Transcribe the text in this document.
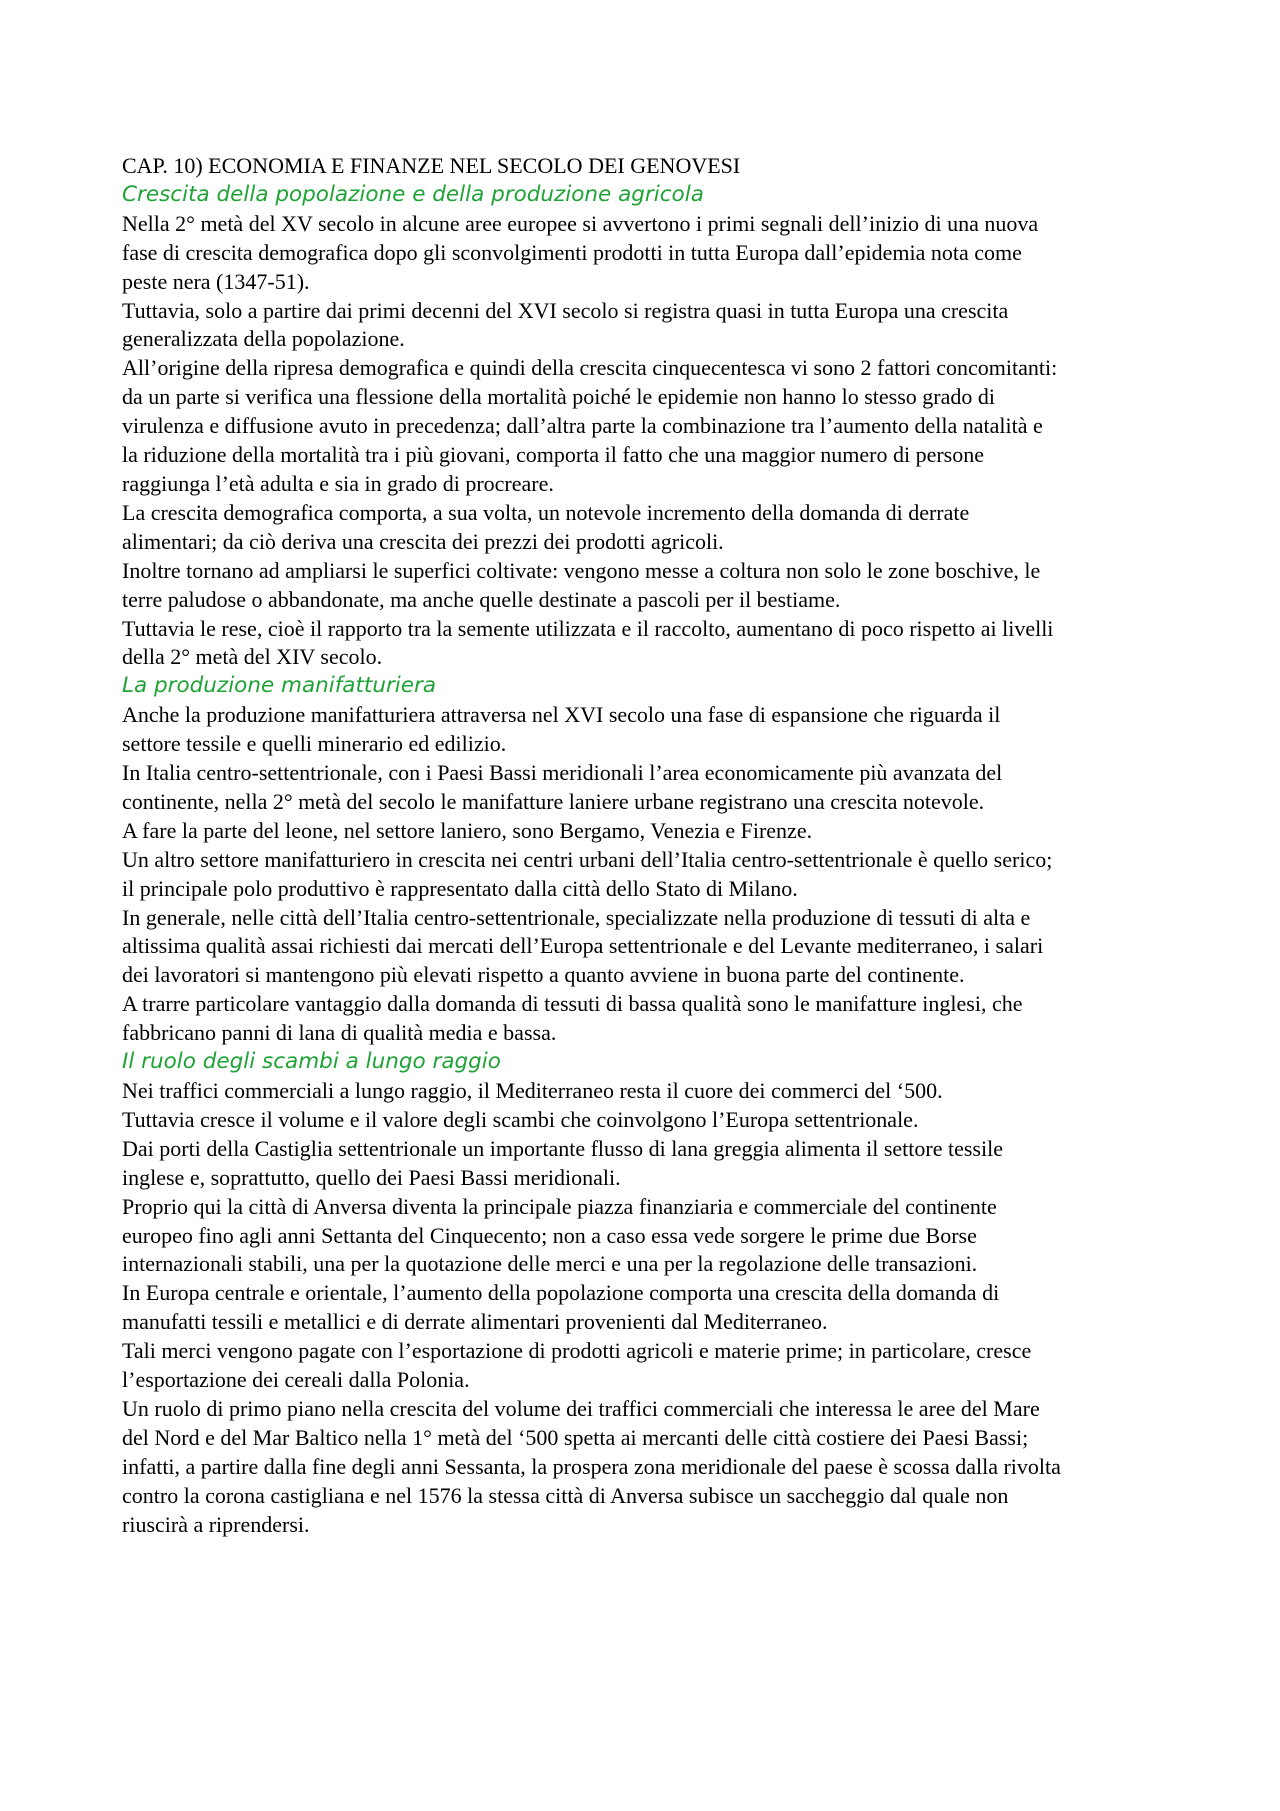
CAP. 10) ECONOMIA E FINANZE NEL SECOLO DEI GENOVESI

Crescita della popolazione e della produzione agricola

Nella 2° metà del XV secolo in alcune aree europee si avvertono i primi segnali dell’inizio di una nuova fase di crescita demografica dopo gli sconvolgimenti prodotti in tutta Europa dall’epidemia nota come peste nera (1347-51).

Tuttavia, solo a partire dai primi decenni del XVI secolo si registra quasi in tutta Europa una crescita generalizzata della popolazione.

All’origine della ripresa demografica e quindi della crescita cinquecentesca vi sono 2 fattori concomitanti: da un parte si verifica una flessione della mortalità poiché le epidemie non hanno lo stesso grado di virulenza e diffusione avuto in precedenza; dall’altra parte la combinazione tra l’aumento della natalità e la riduzione della mortalità tra i più giovani, comporta il fatto che una maggior numero di persone raggiunga l’età adulta e sia in grado di procreare.

La crescita demografica comporta, a sua volta, un notevole incremento della domanda di derrate alimentari; da ciò deriva una crescita dei prezzi dei prodotti agricoli.

Inoltre tornano ad ampliarsi le superfici coltivate: vengono messe a coltura non solo le zone boschive, le terre paludose o abbandonate, ma anche quelle destinate a pascoli per il bestiame.

Tuttavia le rese, cioè il rapporto tra la semente utilizzata e il raccolto, aumentano di poco rispetto ai livelli della 2° metà del XIV secolo.

La produzione manifatturiera

Anche la produzione manifatturiera attraversa nel XVI secolo una fase di espansione che riguarda il settore tessile e quelli minerario ed edilizio.

In Italia centro-settentrionale, con i Paesi Bassi meridionali l’area economicamente più avanzata del continente, nella 2° metà del secolo le manifatture laniere urbane registrano una crescita notevole.

A fare la parte del leone, nel settore laniero, sono Bergamo, Venezia e Firenze.

Un altro settore manifatturiero in crescita nei centri urbani dell’Italia centro-settentrionale è quello serico; il principale polo produttivo è rappresentato dalla città dello Stato di Milano.

In generale, nelle città dell’Italia centro-settentrionale, specializzate nella produzione di tessuti di alta e altissima qualità assai richiesti dai mercati dell’Europa settentrionale e del Levante mediterraneo, i salari dei lavoratori si mantengono più elevati rispetto a quanto avviene in buona parte del continente.

A trarre particolare vantaggio dalla domanda di tessuti di bassa qualità sono le manifatture inglesi, che fabbricano panni di lana di qualità media e bassa.

Il ruolo degli scambi a lungo raggio

Nei traffici commerciali a lungo raggio, il Mediterraneo resta il cuore dei commerci del ‘500.

Tuttavia cresce il volume e il valore degli scambi che coinvolgono l’Europa settentrionale.

Dai porti della Castiglia settentrionale un importante flusso di lana greggia alimenta il settore tessile inglese e, soprattutto, quello dei Paesi Bassi meridionali.

Proprio qui la città di Anversa diventa la principale piazza finanziaria e commerciale del continente europeo fino agli anni Settanta del Cinquecento; non a caso essa vede sorgere le prime due Borse internazionali stabili, una per la quotazione delle merci e una per la regolazione delle transazioni.

In Europa centrale e orientale, l’aumento della popolazione comporta una crescita della domanda di manufatti tessili e metallici e di derrate alimentari provenienti dal Mediterraneo.

Tali merci vengono pagate con l’esportazione di prodotti agricoli e materie prime; in particolare, cresce l’esportazione dei cereali dalla Polonia.

Un ruolo di primo piano nella crescita del volume dei traffici commerciali che interessa le aree del Mare del Nord e del Mar Baltico nella 1° metà del ‘500 spetta ai mercanti delle città costiere dei Paesi Bassi; infatti, a partire dalla fine degli anni Sessanta, la prospera zona meridionale del paese è scossa dalla rivolta contro la corona castigliana e nel 1576 la stessa città di Anversa subisce un saccheggio dal quale non riuscirà a riprendersi.
